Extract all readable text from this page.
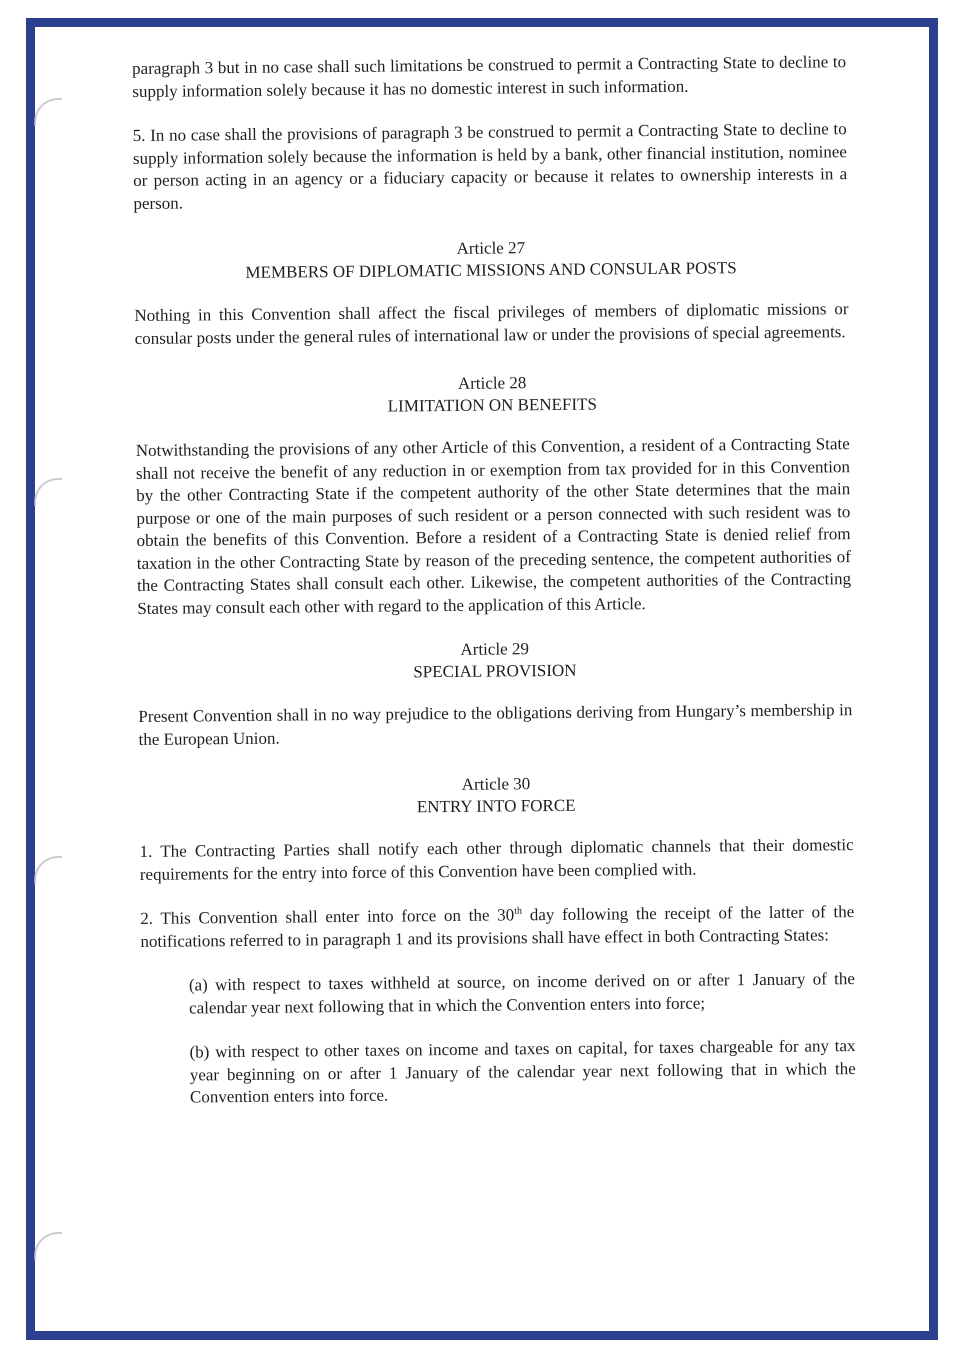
paragraph 3 but in no case shall such limitations be construed to permit a Contracting State to decline to supply information solely because it has no domestic interest in such information.

5. In no case shall the provisions of paragraph 3 be construed to permit a Contracting State to decline to supply information solely because the information is held by a bank, other financial institution, nominee or person acting in an agency or a fiduciary capacity or because it relates to ownership interests in a person.

Article 27

MEMBERS OF DIPLOMATIC MISSIONS AND CONSULAR POSTS

Nothing in this Convention shall affect the fiscal privileges of members of diplomatic missions or consular posts under the general rules of international law or under the provisions of special agreements.

Article 28

LIMITATION ON BENEFITS

Notwithstanding the provisions of any other Article of this Convention, a resident of a Contracting State shall not receive the benefit of any reduction in or exemption from tax provided for in this Convention by the other Contracting State if the competent authority of the other State determines that the main purpose or one of the main purposes of such resident or a person connected with such resident was to obtain the benefits of this Convention. Before a resident of a Contracting State is denied relief from taxation in the other Contracting State by reason of the preceding sentence, the competent authorities of the Contracting States shall consult each other. Likewise, the competent authorities of the Contracting States may consult each other with regard to the application of this Article.

Article 29

SPECIAL PROVISION

Present Convention shall in no way prejudice to the obligations deriving from Hungary’s membership in the European Union.

Article 30

ENTRY INTO FORCE

1. The Contracting Parties shall notify each other through diplomatic channels that their domestic requirements for the entry into force of this Convention have been complied with.

2. This Convention shall enter into force on the 30th day following the receipt of the latter of the notifications referred to in paragraph 1 and its provisions shall have effect in both Contracting States:

(a) with respect to taxes withheld at source, on income derived on or after 1 January of the calendar year next following that in which the Convention enters into force;

(b) with respect to other taxes on income and taxes on capital, for taxes chargeable for any tax year beginning on or after 1 January of the calendar year next following that in which the Convention enters into force.
